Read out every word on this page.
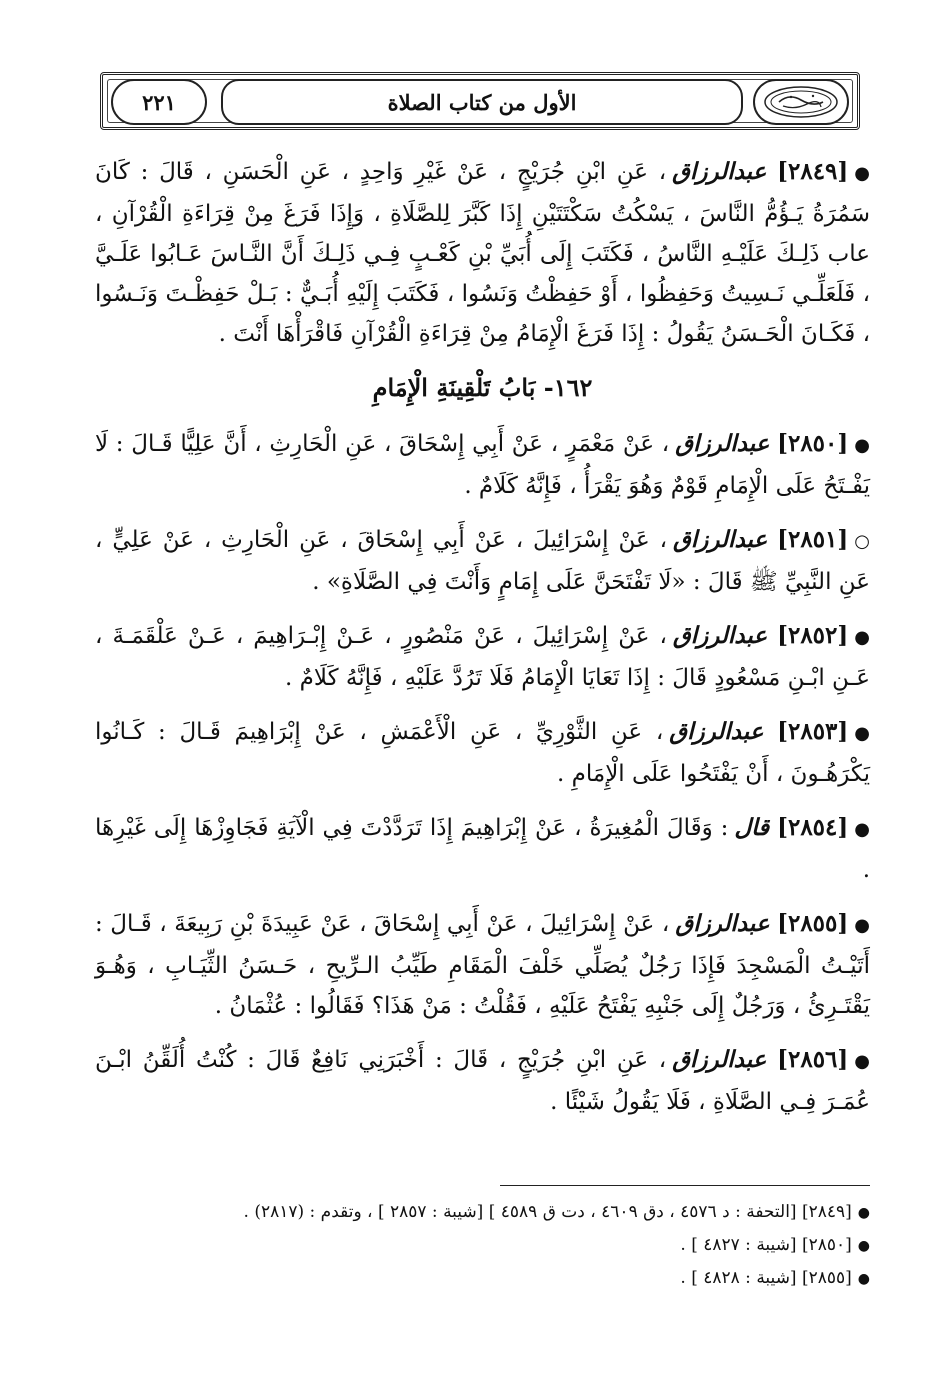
٢٢١	الأول من كتاب الصلاة

●[٢٨٤٩] عبدالرزاق، عَنِ ابْنِ جُرَيْجٍ ، عَنْ غَيْرِ وَاحِدٍ ، عَنِ الْحَسَنِ ، قَالَ : كَانَ سَمُرَةُ يَـؤُمُّ النَّاسَ ، يَسْكُتُ سَكْتَتَيْنِ إِذَا كَبَّرَ لِلصَّلَاةِ ، وَإِذَا فَرَغَ مِنْ قِرَاءَةِ الْقُرْآنِ ، عاب ذَلِـكَ عَلَيْـهِ النَّاسُ ، فَكَتَبَ إِلَى أُبَيِّ بْنِ كَعْـبٍ فِـي ذَلِـكَ أَنَّ النَّـاسَ عَـابُوا عَلَـيَّ ، فَلَعَلِّـي نَـسِيتُ وَحَفِظُوا ، أَوْ حَفِظْتُ وَنَسُوا ، فَكَتَبَ إِلَيْهِ أُبَـيٌّ : بَـلْ حَفِظْـتَ وَنَـسُوا ، فَكَـانَ الْحَـسَنُ يَقُولُ : إِذَا فَرَغَ الْإِمَامُ مِنْ قِرَاءَةِ الْقُرْآنِ فَاقْرَأْهَا أَنْتَ .

١٦٢- بَابُ تَلْقِينَةِ الْإِمَامِ

●[٢٨٥٠] عبدالرزاق، عَنْ مَعْمَرٍ ، عَنْ أَبِي إِسْحَاقَ ، عَنِ الْحَارِثِ ، أَنَّ عَلِيًّا قَـالَ : لَا يَفْـتَحُ عَلَى الْإِمَامِ قَوْمٌ وَهُوَ يَقْرَأُ ، فَإِنَّهُ كَلَامٌ .

○[٢٨٥١] عبدالرزاق، عَنْ إِسْرَائِيلَ ، عَنْ أَبِي إِسْحَاقَ ، عَنِ الْحَارِثِ ، عَنْ عَلِيٍّ ، عَنِ النَّبِيِّ ﷺ قَالَ : «لَا تَفْتَحَنَّ عَلَى إِمَامٍ وَأَنْتَ فِي الصَّلَاةِ» .

●[٢٨٥٢] عبدالرزاق، عَنْ إِسْرَائِيلَ ، عَنْ مَنْصُورٍ ، عَـنْ إِبْـرَاهِيمَ ، عَـنْ عَلْقَمَـةَ ، عَـنِ ابْـنِ مَسْعُودٍ قَالَ : إِذَا تَعَايَا الْإِمَامُ فَلَا تَرُدَّ عَلَيْهِ ، فَإِنَّهُ كَلَامٌ .

●[٢٨٥٣] عبدالرزاق، عَنِ الثَّوْرِيِّ ، عَنِ الْأَعْمَشِ ، عَنْ إِبْرَاهِيمَ قَـالَ : كَـانُوا يَكْرَهُـونَ ، أَنْ يَفْتَحُوا عَلَى الْإِمَامِ .

●[٢٨٥٤] قال: وَقَالَ الْمُغِيرَةُ ، عَنْ إِبْرَاهِيمَ إِذَا تَرَدَّدْتَ فِي الْآيَةِ فَجَاوِزْهَا إِلَى غَيْرِهَا .

●[٢٨٥٥] عبدالرزاق، عَنْ إِسْرَائِيلَ ، عَنْ أَبِي إِسْحَاقَ ، عَنْ عَبِيدَةَ بْنِ رَبِيعَةَ ، قَـالَ : أَتَيْـتُ الْمَسْجِدَ فَإِذَا رَجُلٌ يُصَلِّي خَلْفَ الْمَقَامِ طَيِّبُ الـرِّيحِ ، حَـسَنُ الثِّيَـابِ ، وَهُـوَ يَقْتَـرِئُ ، وَرَجُلٌ إِلَى جَنْبِهِ يَفْتَحُ عَلَيْهِ ، فَقُلْتُ : مَنْ هَذَا؟ فَقَالُوا : عُثْمَانُ .

●[٢٨٥٦] عبدالرزاق، عَنِ ابْنِ جُرَيْجٍ ، قَالَ : أَخْبَرَنِي نَافِعٌ قَالَ : كُنْتُ أُلَقِّنُ ابْـنَ عُمَـرَ فِـي الصَّلَاةِ ، فَلَا يَقُولُ شَيْئًا .

●[٢٨٤٩] [التحفة : د ٤٥٧٦ ، دق ٤٦٠٩ ، دت ق ٤٥٨٩ ] [شيبة : ٢٨٥٧ ] ، وتقدم : (٢٨١٧) .
●[٢٨٥٠] [شيبة : ٤٨٢٧ ] .
●[٢٨٥٥] [شيبة : ٤٨٢٨ ] .
